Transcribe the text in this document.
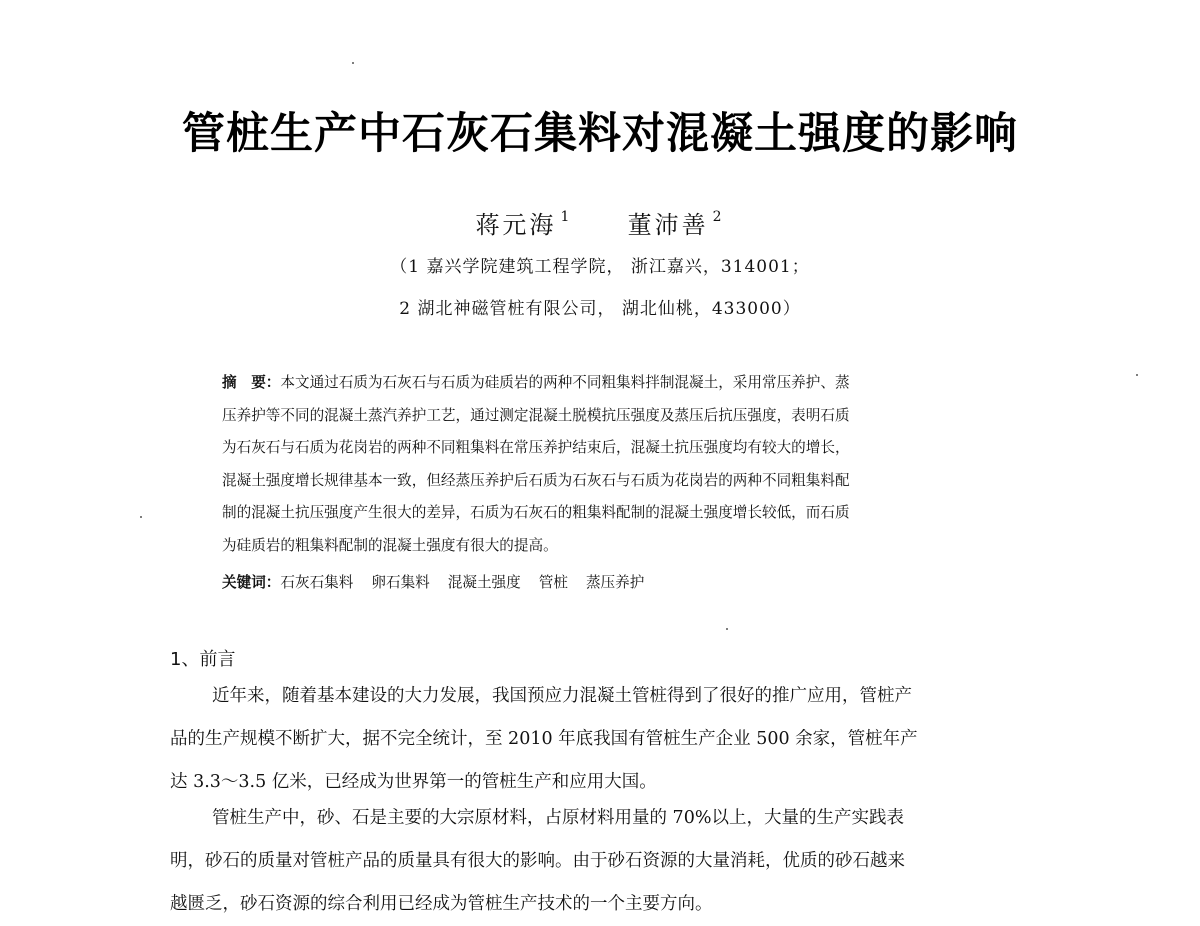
管桩生产中石灰石集料对混凝土强度的影响
蒋元海 $^1$ 董沛善 $^2$
（1 嘉兴学院建筑工程学院， 浙江嘉兴，314001；
2 湖北神磁管桩有限公司， 湖北仙桃，433000）
摘　要：本文通过石质为石灰石与石质为硅质岩的两种不同粗集料拌制混凝土，采用常压养护、蒸
压养护等不同的混凝土蒸汽养护工艺，通过测定混凝土脱模抗压强度及蒸压后抗压强度，表明石质
为石灰石与石质为花岗岩的两种不同粗集料在常压养护结束后，混凝土抗压强度均有较大的增长，
混凝土强度增长规律基本一致，但经蒸压养护后石质为石灰石与石质为花岗岩的两种不同粗集料配
制的混凝土抗压强度产生很大的差异，石质为石灰石的粗集料配制的混凝土强度增长较低，而石质
为硅质岩的粗集料配制的混凝土强度有很大的提高。
关键词：石灰石集料 卵石集料 混凝土强度 管桩 蒸压养护
1、前言
近年来，随着基本建设的大力发展，我国预应力混凝土管桩得到了很好的推广应用，管桩产
品的生产规模不断扩大，据不完全统计，至 2010 年底我国有管桩生产企业 500 余家，管桩年产
达 3.3～3.5 亿米，已经成为世界第一的管桩生产和应用大国。
管桩生产中，砂、石是主要的大宗原材料，占原材料用量的 70%以上，大量的生产实践表
明，砂石的质量对管桩产品的质量具有很大的影响。由于砂石资源的大量消耗，优质的砂石越来
越匮乏，砂石资源的综合利用已经成为管桩生产技术的一个主要方向。
